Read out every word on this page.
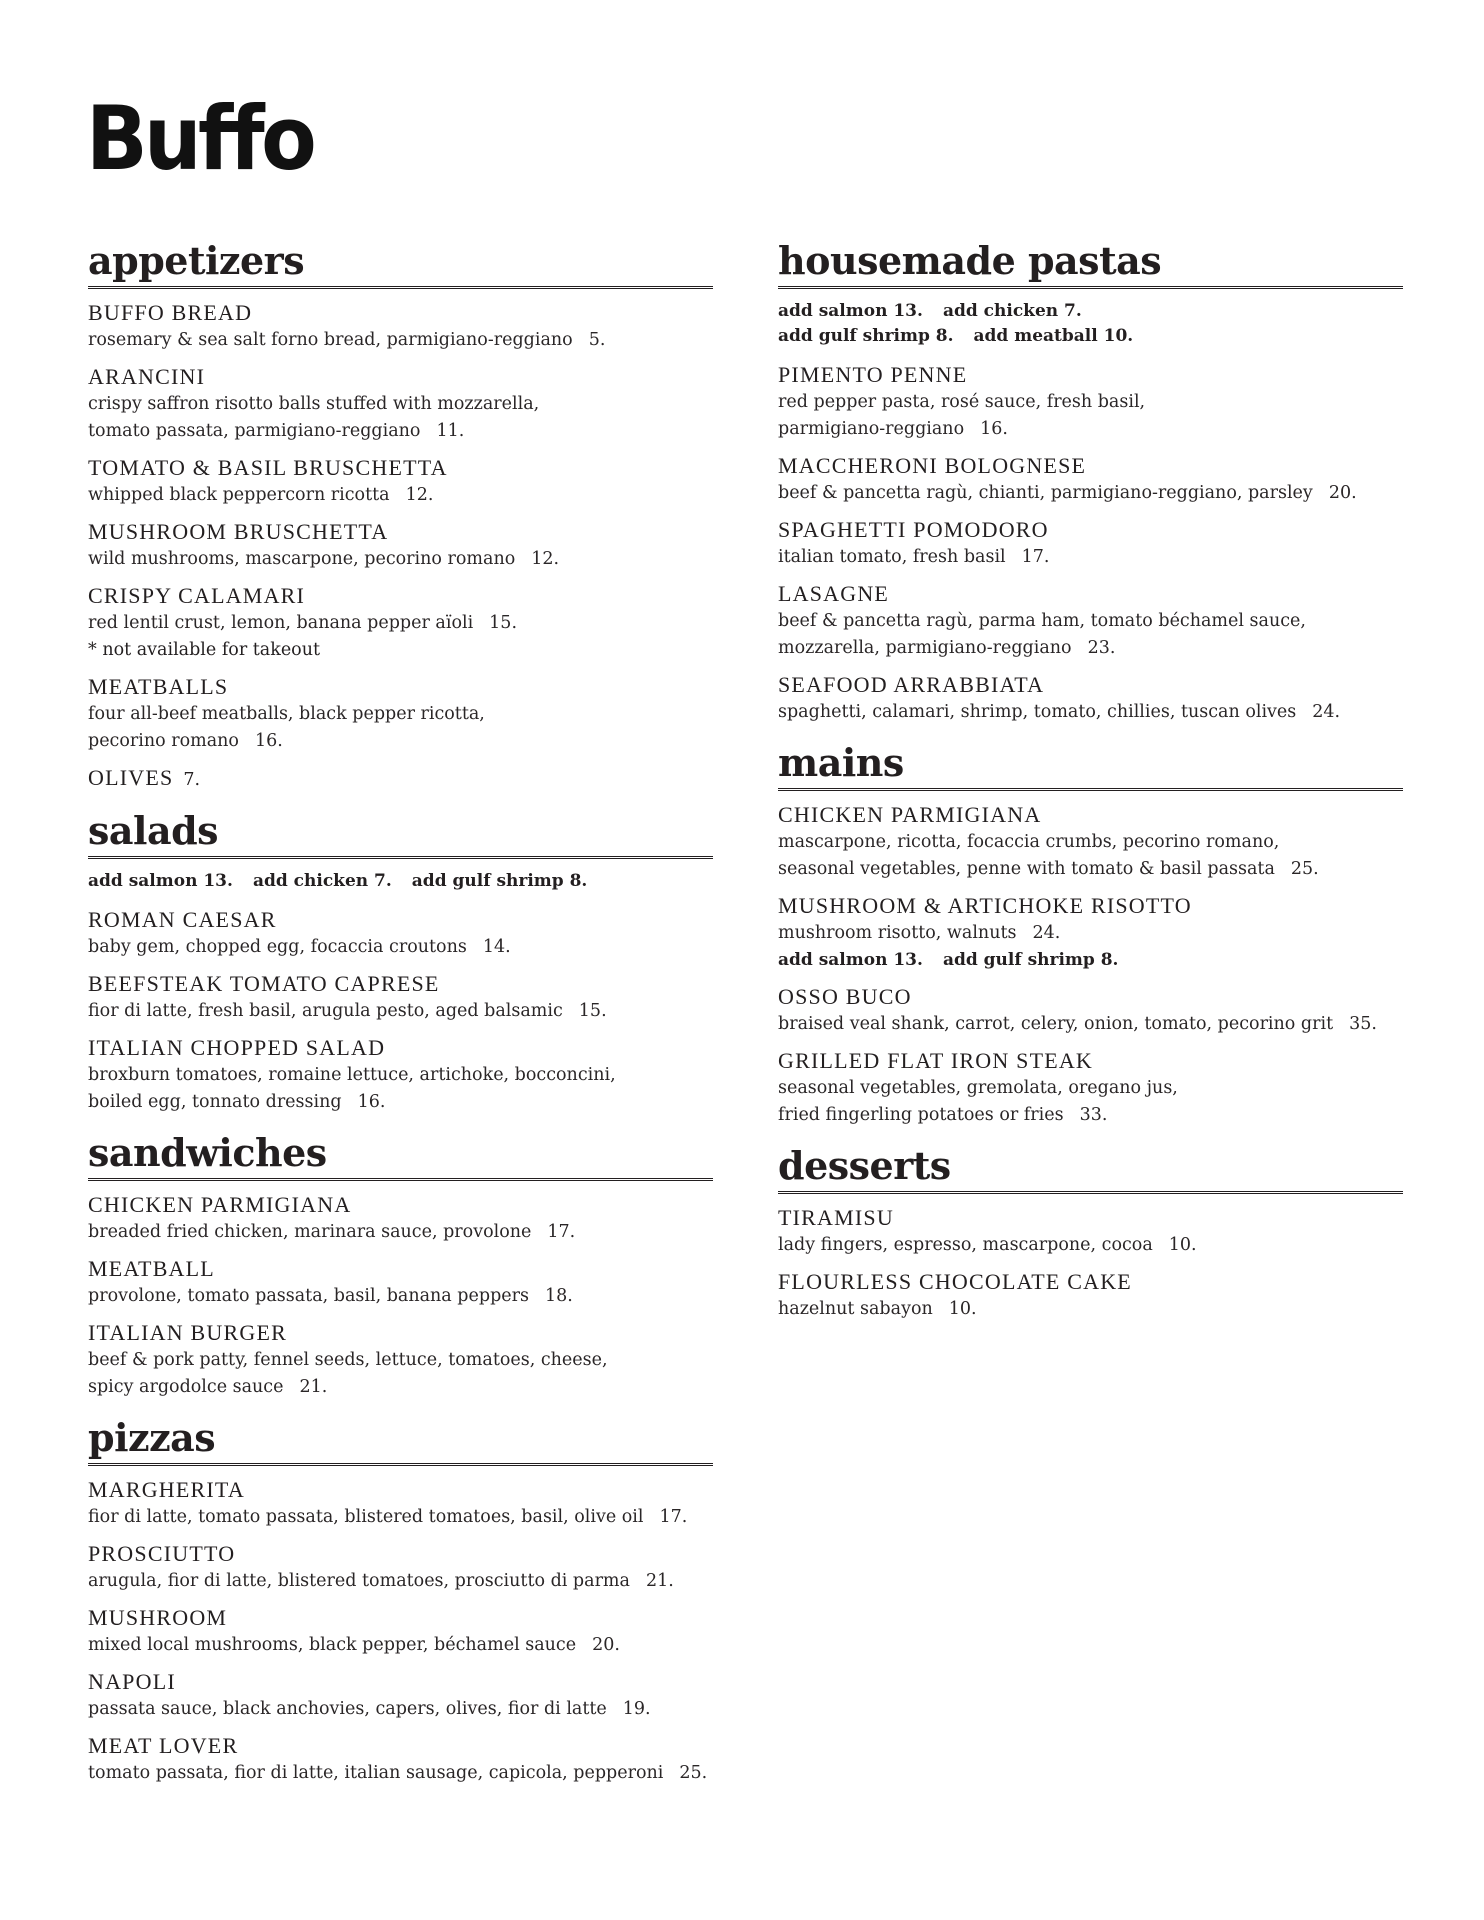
Buffo
appetizers
BUFFO BREAD
rosemary & sea salt forno bread, parmigiano-reggiano 5.
ARANCINI
crispy saffron risotto balls stuffed with mozzarella,
tomato passata, parmigiano-reggiano 11.
TOMATO & BASIL BRUSCHETTA
whipped black peppercorn ricotta 12.
MUSHROOM BRUSCHETTA
wild mushrooms, mascarpone, pecorino romano 12.
CRISPY CALAMARI
red lentil crust, lemon, banana pepper aïoli 15.
* not available for takeout
MEATBALLS
four all-beef meatballs, black pepper ricotta,
pecorino romano 16.
OLIVES 7.
salads
add salmon 13. add chicken 7. add gulf shrimp 8.
ROMAN CAESAR
baby gem, chopped egg, focaccia croutons 14.
BEEFSTEAK TOMATO CAPRESE
fior di latte, fresh basil, arugula pesto, aged balsamic 15.
ITALIAN CHOPPED SALAD
broxburn tomatoes, romaine lettuce, artichoke, bocconcini,
boiled egg, tonnato dressing 16.
sandwiches
CHICKEN PARMIGIANA
breaded fried chicken, marinara sauce, provolone 17.
MEATBALL
provolone, tomato passata, basil, banana peppers 18.
ITALIAN BURGER
beef & pork patty, fennel seeds, lettuce, tomatoes, cheese,
spicy argodolce sauce 21.
pizzas
MARGHERITA
fior di latte, tomato passata, blistered tomatoes, basil, olive oil 17.
PROSCIUTTO
arugula, fior di latte, blistered tomatoes, prosciutto di parma 21.
MUSHROOM
mixed local mushrooms, black pepper, béchamel sauce 20.
NAPOLI
passata sauce, black anchovies, capers, olives, fior di latte 19.
MEAT LOVER
tomato passata, fior di latte, italian sausage, capicola, pepperoni 25.
housemade pastas
add salmon 13. add chicken 7.
add gulf shrimp 8. add meatball 10.
PIMENTO PENNE
red pepper pasta, rosé sauce, fresh basil,
parmigiano-reggiano 16.
MACCHERONI BOLOGNESE
beef & pancetta ragù, chianti, parmigiano-reggiano, parsley 20.
SPAGHETTI POMODORO
italian tomato, fresh basil 17.
LASAGNE
beef & pancetta ragù, parma ham, tomato béchamel sauce,
mozzarella, parmigiano-reggiano 23.
SEAFOOD ARRABBIATA
spaghetti, calamari, shrimp, tomato, chillies, tuscan olives 24.
mains
CHICKEN PARMIGIANA
mascarpone, ricotta, focaccia crumbs, pecorino romano,
seasonal vegetables, penne with tomato & basil passata 25.
MUSHROOM & ARTICHOKE RISOTTO
mushroom risotto, walnuts 24.
add salmon 13. add gulf shrimp 8.
OSSO BUCO
braised veal shank, carrot, celery, onion, tomato, pecorino grit 35.
GRILLED FLAT IRON STEAK
seasonal vegetables, gremolata, oregano jus,
fried fingerling potatoes or fries 33.
desserts
TIRAMISU
lady fingers, espresso, mascarpone, cocoa 10.
FLOURLESS CHOCOLATE CAKE
hazelnut sabayon 10.
